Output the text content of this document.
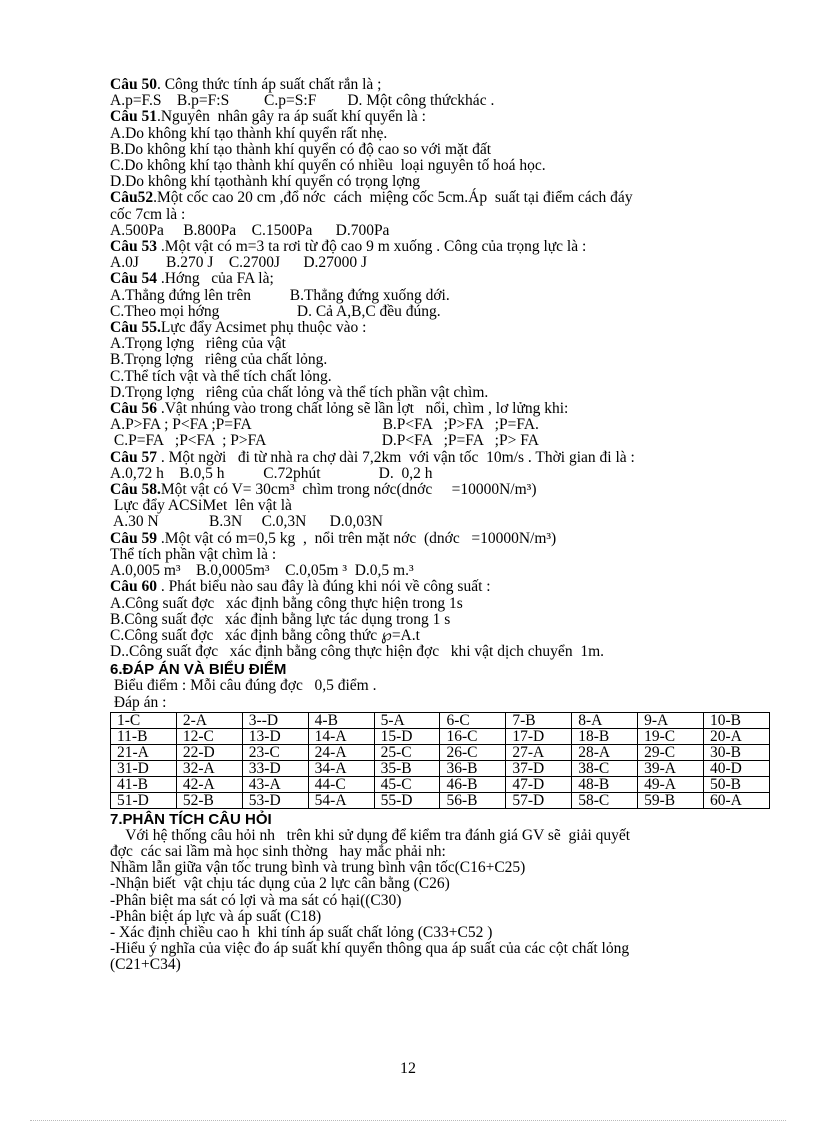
Câu 50. Công thức tính áp suất chất rắn là ;
A.p=F.S    B.p=F:S         C.p=S:F        D. Một công thứckhác .
Câu 51.Nguyên  nhân gây ra áp suất khí quyển là :
A.Do không khí tạo thành khí quyển rất nhẹ.
B.Do không khí tạo thành khí quyển có độ cao so với mặt đất
C.Do không khí tạo thành khí quyển có nhiều  loại nguyên tố hoá học.
D.Do không khí tạothành khí quyển có trọng lợng
Câu52.Một cốc cao 20 cm ,đổ nớc  cách  miệng cốc 5cm.Áp  suất tại điểm cách đáy
cốc 7cm là :
A.500Pa     B.800Pa    C.1500Pa      D.700Pa
Câu 53 .Một vật có m=3 ta rơi từ độ cao 9 m xuống . Công của trọng lực là :
A.0J       B.270 J    C.2700J      D.27000 J
Câu 54 .Hớng   của FA là;
A.Thẳng đứng lên trên          B.Thẳng đứng xuống dới.
C.Theo mọi hớng                    D. Cả A,B,C đều đúng.
Câu 55.Lực đẩy Acsimet phụ thuộc vào :
A.Trọng lợng   riêng của vật
B.Trọng lợng   riêng của chất lỏng.
C.Thể tích vật và thể tích chất lỏng.
D.Trọng lợng   riêng của chất lỏng và thể tích phần vật chìm.
Câu 56 .Vật nhúng vào trong chất lỏng sẽ lần lợt   nổi, chìm , lơ lửng khi:
A.P>FA ; P<FA ;P=FA                                  B.P<FA   ;P>FA   ;P=FA.
C.P=FA   ;P<FA  ; P>FA                              D.P<FA   ;P=FA   ;P> FA
Câu 57 . Một ngời   đi từ nhà ra chợ dài 7,2km  với vận tốc  10m/s . Thời gian đi là :
A.0,72 h    B.0,5 h          C.72phút               D.  0,2 h
Câu 58.Một vật có V= 30cm³  chìm trong nớc(dnớc     =10000N/m³)
Lực đẩy ACSiMet  lên vật là
A.30 N             B.3N     C.0,3N      D.0,03N
Câu 59 .Một vật có m=0,5 kg  ,  nổi trên mặt nớc  (dnớc   =10000N/m³)
Thể tích phần vật chìm là :
A.0,005 m³    B.0,0005m³    C.0,05m ³  D.0,5 m.³
Câu 60 . Phát biểu nào sau đây là đúng khi nói về công suất :
A.Công suất đợc   xác định bằng công thực hiện trong 1s
B.Công suất đợc   xác định bằng lực tác dụng trong 1 s
C.Công suất đợc   xác định bằng công thức ℘=A.t
D..Công suất đợc   xác định bằng công thực hiện đợc   khi vật dịch chuyển  1m.
6.ĐÁP ÁN VÀ BIỂU ĐIỂM
Biểu điểm : Mỗi câu đúng đợc   0,5 điểm .
Đáp án :
1-C	2-A	3--D	4-B	5-A	6-C	7-B	8-A	9-A	10-B
11-B	12-C	13-D	14-A	15-D	16-C	17-D	18-B	19-C	20-A
21-A	22-D	23-C	24-A	25-C	26-C	27-A	28-A	29-C	30-B
31-D	32-A	33-D	34-A	35-B	36-B	37-D	38-C	39-A	40-D
41-B	42-A	43-A	44-C	45-C	46-B	47-D	48-B	49-A	50-B
51-D	52-B	53-D	54-A	55-D	56-B	57-D	58-C	59-B	60-A
7.PHÂN TÍCH CÂU HỎI
Với hệ thống câu hỏi nh   trên khi sử dụng để kiểm tra đánh giá GV sẽ  giải quyết
đợc  các sai lầm mà học sinh thờng   hay mắc phải nh:
Nhầm lẫn giữa vận tốc trung bình và trung bình vận tốc(C16+C25)
-Nhận biết  vật chịu tác dụng của 2 lực cân bằng (C26)
-Phân biệt ma sát có lợi và ma sát có hại((C30)
-Phân biệt áp lực và áp suất (C18)
- Xác định chiều cao h  khi tính áp suất chất lỏng (C33+C52 )
-Hiểu ý nghĩa của việc đo áp suất khí quyển thông qua áp suất của các cột chất lỏng
(C21+C34)
12
